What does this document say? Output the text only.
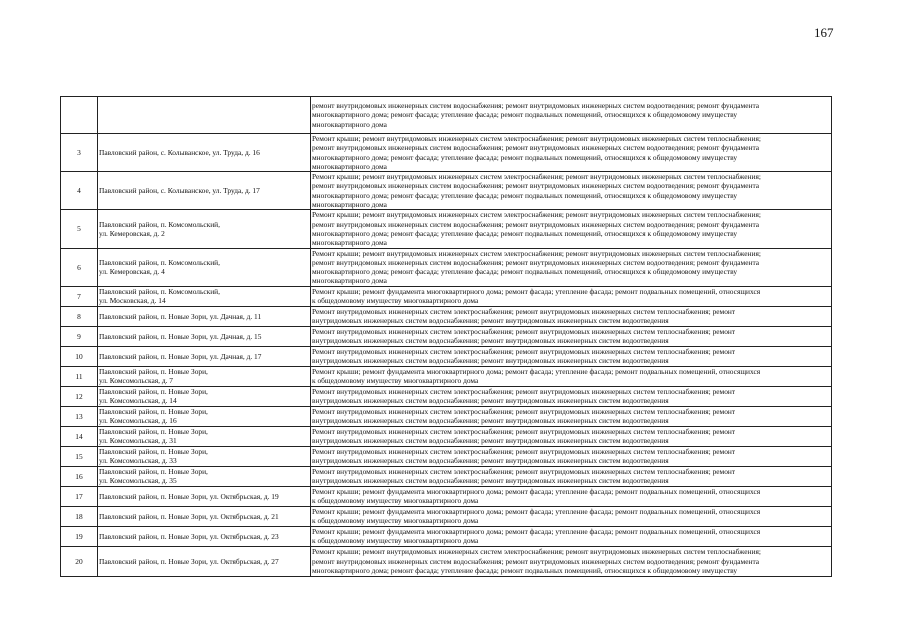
167
		ремонт внутридомовых инженерных систем водоснабжения; ремонт внутридомовых инженерных систем водоотведения; ремонт фундамента
многоквартирного дома; ремонт фасада; утепление фасада; ремонт подвальных помещений, относящихся к общедомовому имуществу
многоквартирного дома
3	Павловский район, с. Колыванское, ул. Труда, д. 16	Ремонт крыши; ремонт внутридомовых инженерных систем электроснабжения; ремонт внутридомовых инженерных систем теплоснабжения;
ремонт внутридомовых инженерных систем водоснабжения; ремонт внутридомовых инженерных систем водоотведения; ремонт фундамента
многоквартирного дома; ремонт фасада; утепление фасада; ремонт подвальных помещений, относящихся к общедомовому имуществу
многоквартирного дома
4	Павловский район, с. Колыванское, ул. Труда, д. 17	Ремонт крыши; ремонт внутридомовых инженерных систем электроснабжения; ремонт внутридомовых инженерных систем теплоснабжения;
ремонт внутридомовых инженерных систем водоснабжения; ремонт внутридомовых инженерных систем водоотведения; ремонт фундамента
многоквартирного дома; ремонт фасада; утепление фасада; ремонт подвальных помещений, относящихся к общедомовому имуществу
многоквартирного дома
5	Павловский район, п. Комсомольский,
ул. Кемеровская, д. 2	Ремонт крыши; ремонт внутридомовых инженерных систем электроснабжения; ремонт внутридомовых инженерных систем теплоснабжения;
ремонт внутридомовых инженерных систем водоснабжения; ремонт внутридомовых инженерных систем водоотведения; ремонт фундамента
многоквартирного дома; ремонт фасада; утепление фасада; ремонт подвальных помещений, относящихся к общедомовому имуществу
многоквартирного дома
6	Павловский район, п. Комсомольский,
ул. Кемеровская, д. 4	Ремонт крыши; ремонт внутридомовых инженерных систем электроснабжения; ремонт внутридомовых инженерных систем теплоснабжения;
ремонт внутридомовых инженерных систем водоснабжения; ремонт внутридомовых инженерных систем водоотведения; ремонт фундамента
многоквартирного дома; ремонт фасада; утепление фасада; ремонт подвальных помещений, относящихся к общедомовому имуществу
многоквартирного дома
7	Павловский район, п. Комсомольский,
ул. Московская, д. 14	Ремонт крыши; ремонт фундамента многоквартирного дома; ремонт фасада; утепление фасада; ремонт подвальных помещений, относящихся
к общедомовому имуществу многоквартирного дома
8	Павловский район, п. Новые Зори, ул. Дачная, д. 11	Ремонт внутридомовых инженерных систем электроснабжения; ремонт внутридомовых инженерных систем теплоснабжения; ремонт
внутридомовых инженерных систем водоснабжения; ремонт внутридомовых инженерных систем водоотведения
9	Павловский район, п. Новые Зори, ул. Дачная, д. 15	Ремонт внутридомовых инженерных систем электроснабжения; ремонт внутридомовых инженерных систем теплоснабжения; ремонт
внутридомовых инженерных систем водоснабжения; ремонт внутридомовых инженерных систем водоотведения
10	Павловский район, п. Новые Зори, ул. Дачная, д. 17	Ремонт внутридомовых инженерных систем электроснабжения; ремонт внутридомовых инженерных систем теплоснабжения; ремонт
внутридомовых инженерных систем водоснабжения; ремонт внутридомовых инженерных систем водоотведения
11	Павловский район, п. Новые Зори,
ул. Комсомольская, д. 7	Ремонт крыши; ремонт фундамента многоквартирного дома; ремонт фасада; утепление фасада; ремонт подвальных помещений, относящихся
к общедомовому имуществу многоквартирного дома
12	Павловский район, п. Новые Зори,
ул. Комсомольская, д. 14	Ремонт внутридомовых инженерных систем электроснабжения; ремонт внутридомовых инженерных систем теплоснабжения; ремонт
внутридомовых инженерных систем водоснабжения; ремонт внутридомовых инженерных систем водоотведения
13	Павловский район, п. Новые Зори,
ул. Комсомольская, д. 16	Ремонт внутридомовых инженерных систем электроснабжения; ремонт внутридомовых инженерных систем теплоснабжения; ремонт
внутридомовых инженерных систем водоснабжения; ремонт внутридомовых инженерных систем водоотведения
14	Павловский район, п. Новые Зори,
ул. Комсомольская, д. 31	Ремонт внутридомовых инженерных систем электроснабжения; ремонт внутридомовых инженерных систем теплоснабжения; ремонт
внутридомовых инженерных систем водоснабжения; ремонт внутридомовых инженерных систем водоотведения
15	Павловский район, п. Новые Зори,
ул. Комсомольская, д. 33	Ремонт внутридомовых инженерных систем электроснабжения; ремонт внутридомовых инженерных систем теплоснабжения; ремонт
внутридомовых инженерных систем водоснабжения; ремонт внутридомовых инженерных систем водоотведения
16	Павловский район, п. Новые Зори,
ул. Комсомольская, д. 35	Ремонт внутридомовых инженерных систем электроснабжения; ремонт внутридомовых инженерных систем теплоснабжения; ремонт
внутридомовых инженерных систем водоснабжения; ремонт внутридомовых инженерных систем водоотведения
17	Павловский район, п. Новые Зори, ул. Октябрьская, д. 19	Ремонт крыши; ремонт фундамента многоквартирного дома; ремонт фасада; утепление фасада; ремонт подвальных помещений, относящихся
к общедомовому имуществу многоквартирного дома
18	Павловский район, п. Новые Зори, ул. Октябрьская, д. 21	Ремонт крыши; ремонт фундамента многоквартирного дома; ремонт фасада; утепление фасада; ремонт подвальных помещений, относящихся
к общедомовому имуществу многоквартирного дома
19	Павловский район, п. Новые Зори, ул. Октябрьская, д. 23	Ремонт крыши; ремонт фундамента многоквартирного дома; ремонт фасада; утепление фасада; ремонт подвальных помещений, относящихся
к общедомовому имуществу многоквартирного дома
20	Павловский район, п. Новые Зори, ул. Октябрьская, д. 27	Ремонт крыши; ремонт внутридомовых инженерных систем электроснабжения; ремонт внутридомовых инженерных систем теплоснабжения;
ремонт внутридомовых инженерных систем водоснабжения; ремонт внутридомовых инженерных систем водоотведения; ремонт фундамента
многоквартирного дома; ремонт фасада; утепление фасада; ремонт подвальных помещений, относящихся к общедомовому имуществу
